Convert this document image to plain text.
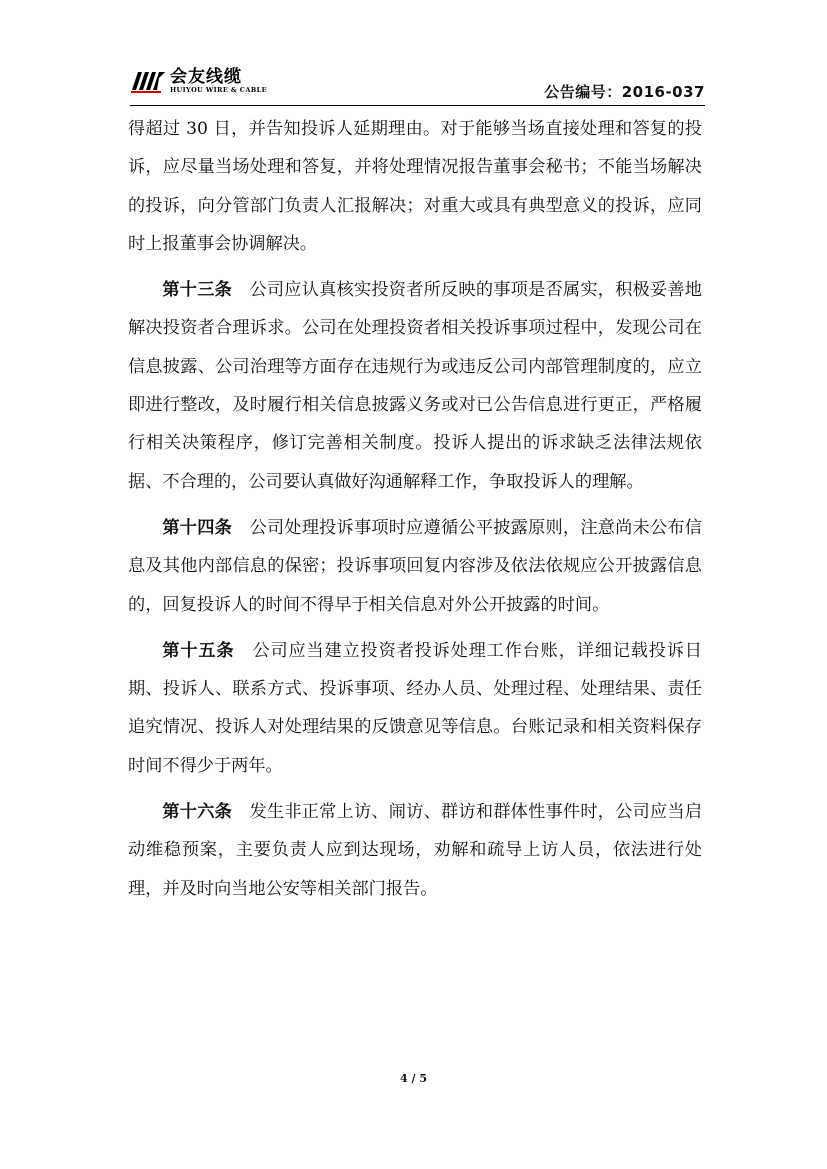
会友线缆
HUIYOU WIRE & CABLE	公告编号：2016-037

得超过 30 日，并告知投诉人延期理由。对于能够当场直接处理和答复的投诉，应尽量当场处理和答复，并将处理情况报告董事会秘书；不能当场解决的投诉，向分管部门负责人汇报解决；对重大或具有典型意义的投诉，应同时上报董事会协调解决。

第十三条　公司应认真核实投资者所反映的事项是否属实，积极妥善地解决投资者合理诉求。公司在处理投资者相关投诉事项过程中，发现公司在信息披露、公司治理等方面存在违规行为或违反公司内部管理制度的，应立即进行整改，及时履行相关信息披露义务或对已公告信息进行更正，严格履行相关决策程序，修订完善相关制度。投诉人提出的诉求缺乏法律法规依据、不合理的，公司要认真做好沟通解释工作，争取投诉人的理解。

第十四条　公司处理投诉事项时应遵循公平披露原则，注意尚未公布信息及其他内部信息的保密；投诉事项回复内容涉及依法依规应公开披露信息的，回复投诉人的时间不得早于相关信息对外公开披露的时间。

第十五条　公司应当建立投资者投诉处理工作台账，详细记载投诉日期、投诉人、联系方式、投诉事项、经办人员、处理过程、处理结果、责任追究情况、投诉人对处理结果的反馈意见等信息。台账记录和相关资料保存时间不得少于两年。

第十六条　发生非正常上访、闹访、群访和群体性事件时，公司应当启动维稳预案，主要负责人应到达现场，劝解和疏导上访人员，依法进行处理，并及时向当地公安等相关部门报告。

4 / 5
